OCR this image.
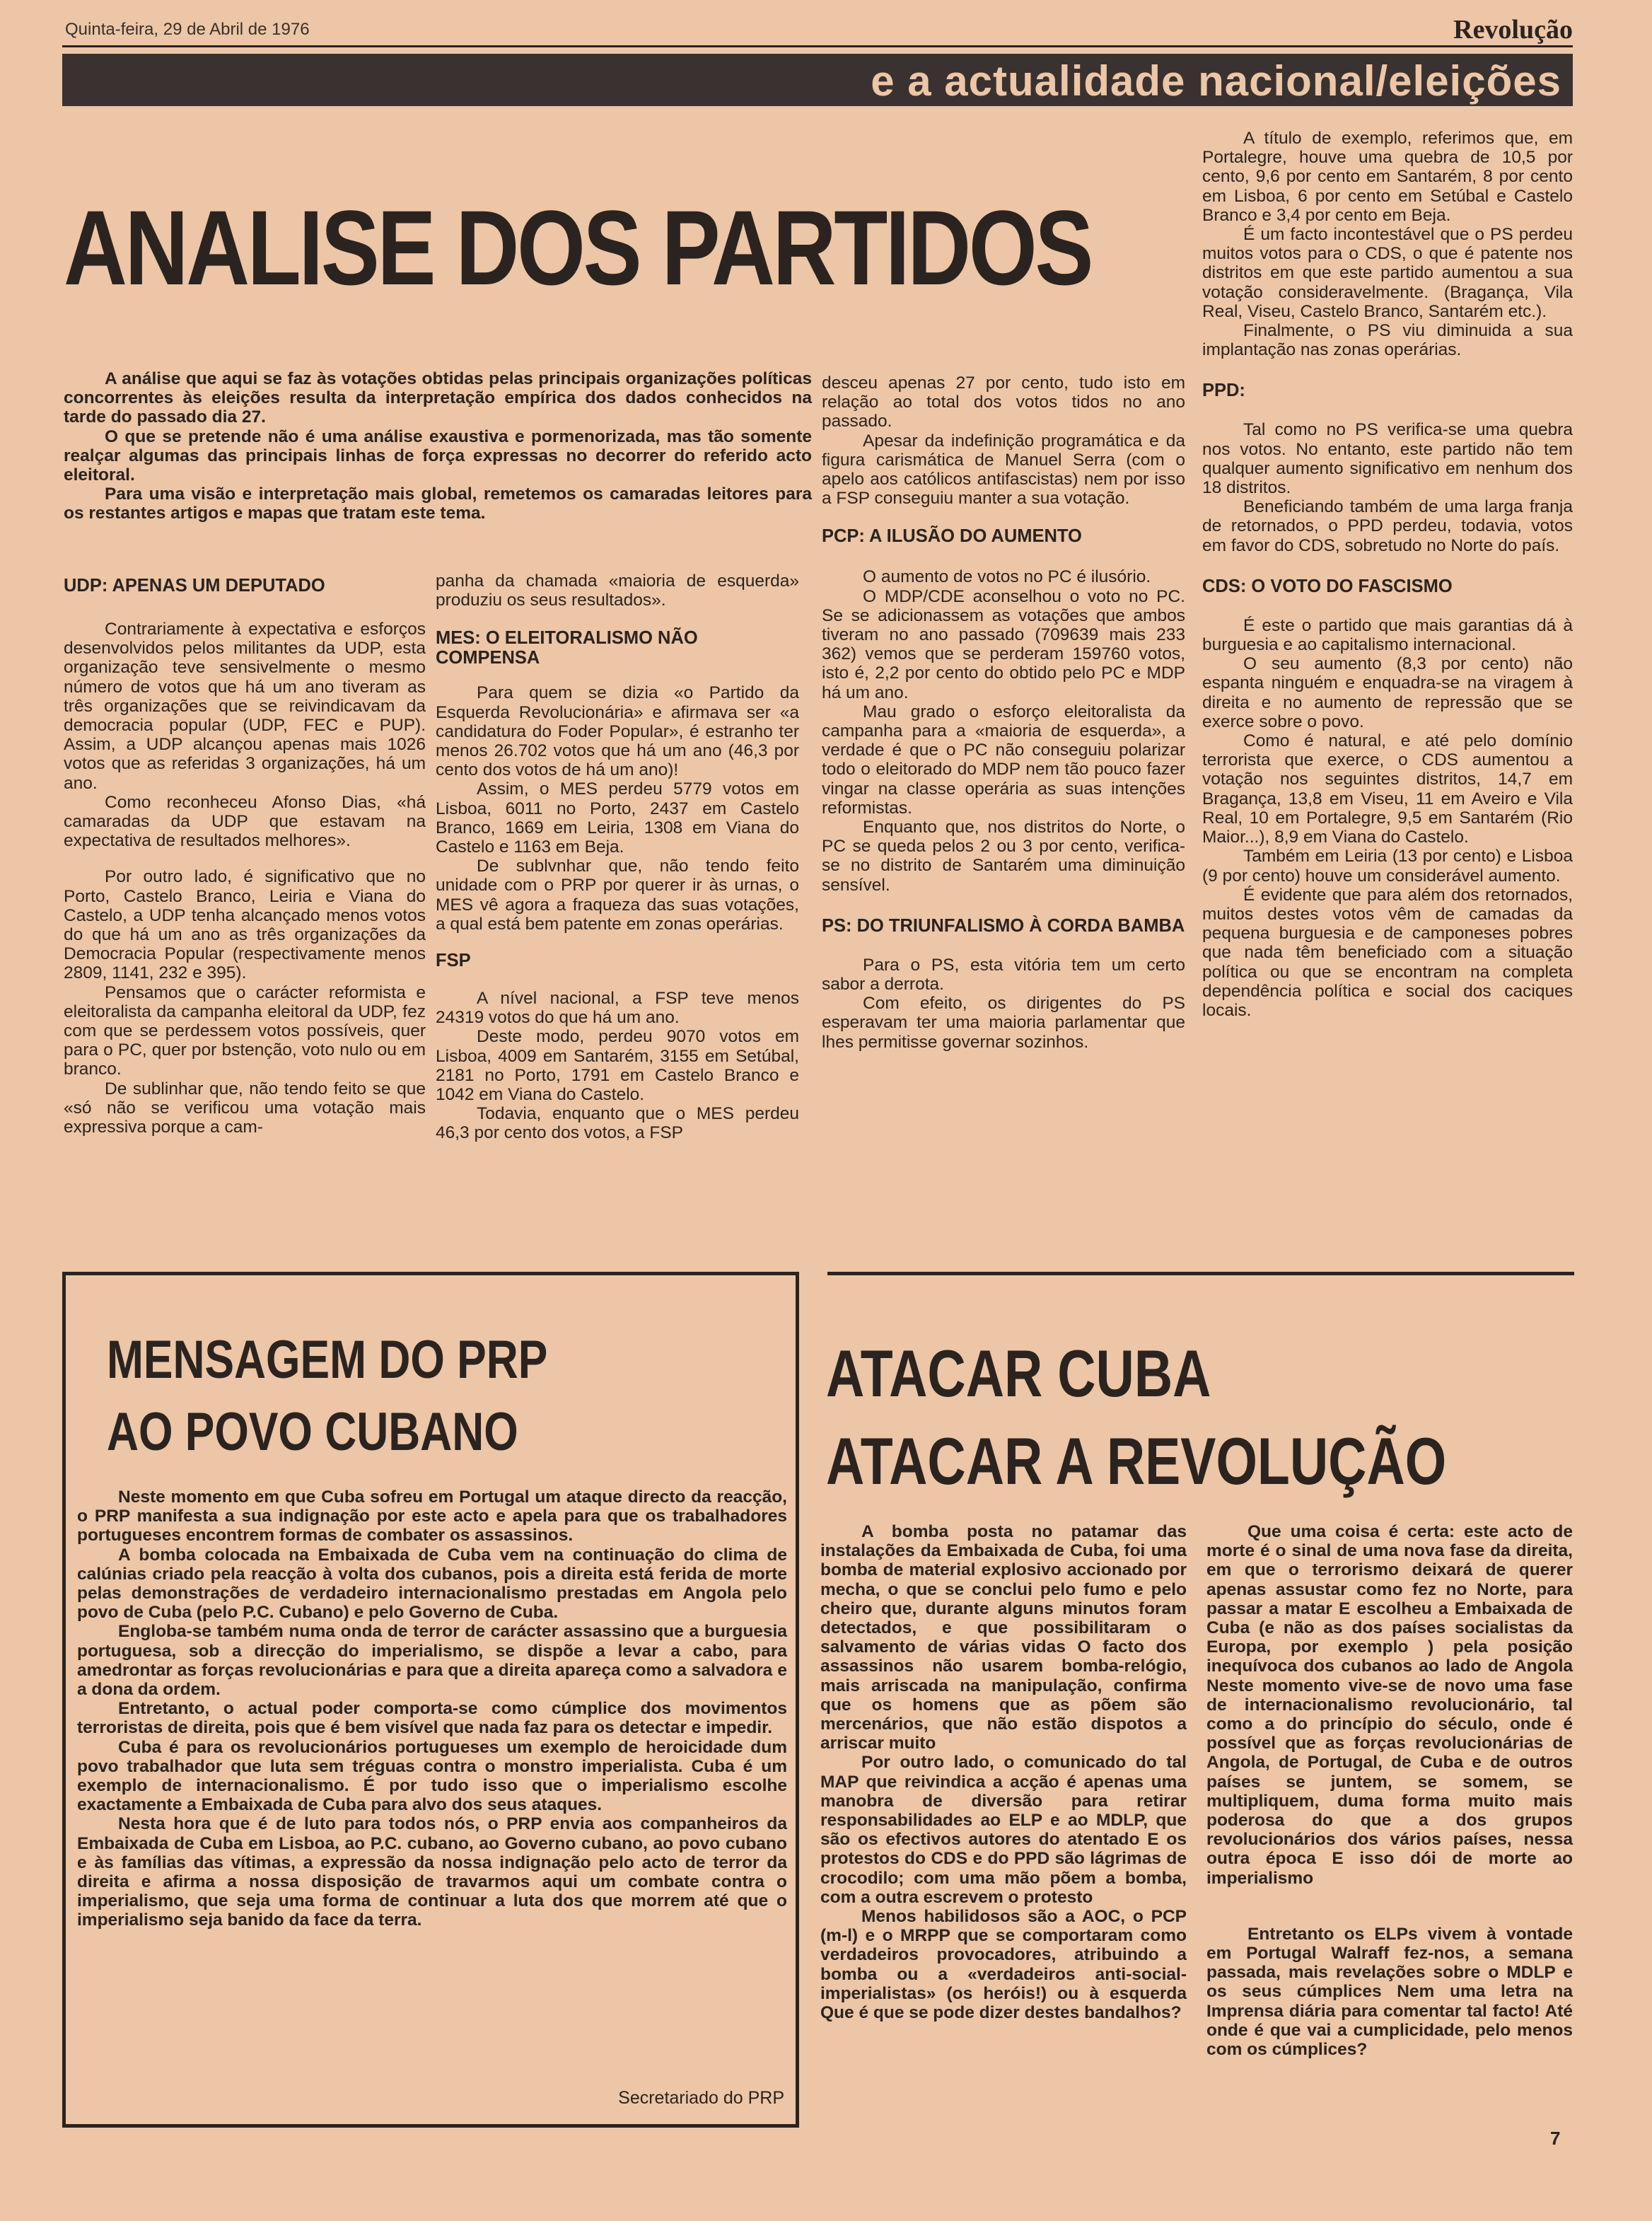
Quinta-feira, 29 de Abril de 1976	Revolução
e a actualidade nacional/eleições
ANALISE DOS PARTIDOS

A análise que aqui se faz às votações obtidas pelas principais organizações políticas concorrentes às eleições resulta da interpretação empírica dos dados conhecidos na tarde do passado dia 27.

O que se pretende não é uma análise exaustiva e pormenorizada, mas tão somente realçar algumas das principais linhas de força expressas no decorrer do referido acto eleitoral.

Para uma visão e interpretação mais global, remetemos os camaradas leitores para os restantes artigos e mapas que tratam este tema.

UDP: APENAS UM DEPUTADO

Contrariamente à expectativa e esforços desenvolvidos pelos militantes da UDP, esta organização teve sensivelmente o mesmo número de votos que há um ano tiveram as três organizações que se reivindicavam da democracia popular (UDP, FEC e PUP). Assim, a UDP alcançou apenas mais 1026 votos que as referidas 3 organizações, há um ano.

Como reconheceu Afonso Dias, «há camaradas da UDP que estavam na expectativa de resultados melhores».

Por outro lado, é significativo que no Porto, Castelo Branco, Leiria e Viana do Castelo, a UDP tenha alcançado menos votos do que há um ano as três organizações da Democracia Popular (respectivamente menos 2809, 1141, 232 e 395).

Pensamos que o carácter reformista e eleitoralista da campanha eleitoral da UDP, fez com que se perdessem votos possíveis, quer para o PC, quer por bstenção, voto nulo ou em branco.

De sublinhar que, não tendo feito se que «só não se verificou uma votação mais expressiva porque a cam-

panha da chamada «maioria de esquerda» produziu os seus resultados».

MES: O ELEITORALISMO NÃO COMPENSA

Para quem se dizia «o Partido da Esquerda Revolucionária» e afirmava ser «a candidatura do Foder Popular», é estranho ter menos 26.702 votos que há um ano (46,3 por cento dos votos de há um ano)!

Assim, o MES perdeu 5779 votos em Lisboa, 6011 no Porto, 2437 em Castelo Branco, 1669 em Leiria, 1308 em Viana do Castelo e 1163 em Beja.

De sublvnhar que, não tendo feito unidade com o PRP por querer ir às urnas, o MES vê agora a fraqueza das suas votações, a qual está bem patente em zonas operárias.

FSP

A nível nacional, a FSP teve menos 24319 votos do que há um ano.

Deste modo, perdeu 9070 votos em Lisboa, 4009 em Santarém, 3155 em Setúbal, 2181 no Porto, 1791 em Castelo Branco e 1042 em Viana do Castelo.

Todavia, enquanto que o MES perdeu 46,3 por cento dos votos, a FSP

desceu apenas 27 por cento, tudo isto em relação ao total dos votos tidos no ano passado.

Apesar da indefinição programática e da figura carismática de Manuel Serra (com o apelo aos católicos antifascistas) nem por isso a FSP conseguiu manter a sua votação.

PCP: A ILUSÃO DO AUMENTO

O aumento de votos no PC é ilusório.

O MDP/CDE aconselhou o voto no PC. Se se adicionassem as votações que ambos tiveram no ano passado (709639 mais 233 362) vemos que se perderam 159760 votos, isto é, 2,2 por cento do obtido pelo PC e MDP há um ano.

Mau grado o esforço eleitoralista da campanha para a «maioria de esquerda», a verdade é que o PC não conseguiu polarizar todo o eleitorado do MDP nem tão pouco fazer vingar na classe operária as suas intenções reformistas.

Enquanto que, nos distritos do Norte, o PC se queda pelos 2 ou 3 por cento, verifica-se no distrito de Santarém uma diminuição sensível.

PS: DO TRIUNFALISMO À CORDA BAMBA

Para o PS, esta vitória tem um certo sabor a derrota.

Com efeito, os dirigentes do PS esperavam ter uma maioria parlamentar que lhes permitisse governar sozinhos.

A título de exemplo, referimos que, em Portalegre, houve uma quebra de 10,5 por cento, 9,6 por cento em Santarém, 8 por cento em Lisboa, 6 por cento em Setúbal e Castelo Branco e 3,4 por cento em Beja.

É um facto incontestável que o PS perdeu muitos votos para o CDS, o que é patente nos distritos em que este partido aumentou a sua votação consideravelmente. (Bragança, Vila Real, Viseu, Castelo Branco, Santarém etc.).

Finalmente, o PS viu diminuida a sua implantação nas zonas operárias.

PPD:

Tal como no PS verifica-se uma quebra nos votos. No entanto, este partido não tem qualquer aumento significativo em nenhum dos 18 distritos.

Beneficiando também de uma larga franja de retornados, o PPD perdeu, todavia, votos em favor do CDS, sobretudo no Norte do país.

CDS: O VOTO DO FASCISMO

É este o partido que mais garantias dá à burguesia e ao capitalismo internacional.

O seu aumento (8,3 por cento) não espanta ninguém e enquadra-se na viragem à direita e no aumento de repressão que se exerce sobre o povo.

Como é natural, e até pelo domínio terrorista que exerce, o CDS aumentou a votação nos seguintes distritos, 14,7 em Bragança, 13,8 em Viseu, 11 em Aveiro e Vila Real, 10 em Portalegre, 9,5 em Santarém (Rio Maior...), 8,9 em Viana do Castelo.

Também em Leiria (13 por cento) e Lisboa (9 por cento) houve um considerável aumento.

É evidente que para além dos retornados, muitos destes votos vêm de camadas da pequena burguesia e de camponeses pobres que nada têm beneficiado com a situação política ou que se encontram na completa dependência política e social dos caciques locais.

MENSAGEM DO PRP
AO POVO CUBANO

Neste momento em que Cuba sofreu em Portugal um ataque directo da reacção, o PRP manifesta a sua indignação por este acto e apela para que os trabalhadores portugueses encontrem formas de combater os assassinos.

A bomba colocada na Embaixada de Cuba vem na continuação do clima de calúnias criado pela reacção à volta dos cubanos, pois a direita está ferida de morte pelas demonstrações de verdadeiro internacionalismo prestadas em Angola pelo povo de Cuba (pelo P.C. Cubano) e pelo Governo de Cuba.

Engloba-se também numa onda de terror de carácter assassino que a burguesia portuguesa, sob a direcção do imperialismo, se dispõe a levar a cabo, para amedrontar as forças revolucionárias e para que a direita apareça como a salvadora e a dona da ordem.

Entretanto, o actual poder comporta-se como cúmplice dos movimentos terroristas de direita, pois que é bem visível que nada faz para os detectar e impedir.

Cuba é para os revolucionários portugueses um exemplo de heroicidade dum povo trabalhador que luta sem tréguas contra o monstro imperialista. Cuba é um exemplo de internacionalismo. É por tudo isso que o imperialismo escolhe exactamente a Embaixada de Cuba para alvo dos seus ataques.

Nesta hora que é de luto para todos nós, o PRP envia aos companheiros da Embaixada de Cuba em Lisboa, ao P.C. cubano, ao Governo cubano, ao povo cubano e às famílias das vítimas, a expressão da nossa indignação pelo acto de terror da direita e afirma a nossa disposição de travarmos aqui um combate contra o imperialismo, que seja uma forma de continuar a luta dos que morrem até que o imperialismo seja banido da face da terra.

Secretariado do PRP
ATACAR CUBA
ATACAR A REVOLUÇÃO

A bomba posta no patamar das instalações da Embaixada de Cuba, foi uma bomba de material explosivo accionado por mecha, o que se conclui pelo fumo e pelo cheiro que, durante alguns minutos foram detectados, e que possibilitaram o salvamento de várias vidas O facto dos assassinos não usarem bomba-relógio, mais arriscada na manipulação, confirma que os homens que as põem são mercenários, que não estão dispotos a arriscar muito

Por outro lado, o comunicado do tal MAP que reivindica a acção é apenas uma manobra de diversão para retirar responsabilidades ao ELP e ao MDLP, que são os efectivos autores do atentado E os protestos do CDS e do PPD são lágrimas de crocodilo; com uma mão põem a bomba, com a outra escrevem o protesto

Menos habilidosos são a AOC, o PCP (m-l) e o MRPP que se comportaram como verdadeiros provocadores, atribuindo a bomba ou a «verdadeiros anti-social-imperialistas» (os heróis!) ou à esquerda Que é que se pode dizer destes bandalhos?

Que uma coisa é certa: este acto de morte é o sinal de uma nova fase da direita, em que o terrorismo deixará de querer apenas assustar como fez no Norte, para passar a matar E escolheu a Embaixada de Cuba (e não as dos países socialistas da Europa, por exemplo ) pela posição inequívoca dos cubanos ao lado de Angola Neste momento vive-se de novo uma fase de internacionalismo revolucionário, tal como a do princípio do século, onde é possível que as forças revolucionárias de Angola, de Portugal, de Cuba e de outros países se juntem, se somem, se multipliquem, duma forma muito mais poderosa do que a dos grupos revolucionários dos vários países, nessa outra época E isso dói de morte ao imperialismo

Entretanto os ELPs vivem à vontade em Portugal Walraff fez-nos, a semana passada, mais revelações sobre o MDLP e os seus cúmplices Nem uma letra na Imprensa diária para comentar tal facto! Até onde é que vai a cumplicidade, pelo menos com os cúmplices?

7
